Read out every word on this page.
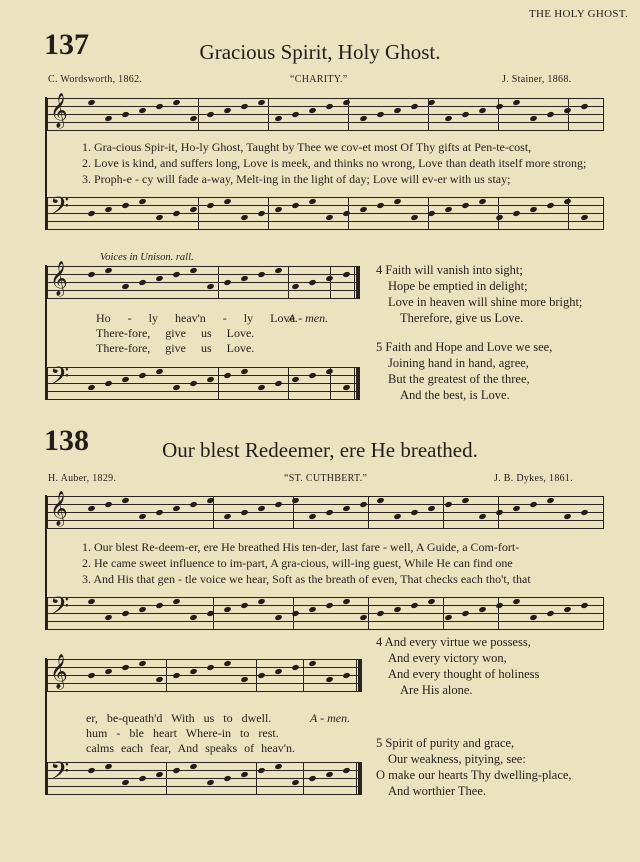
THE HOLY GHOST.
137	Gracious Spirit, Holy Ghost.
C. Wordsworth, 1862.	“CHARITY.”	J. Stainer, 1868.
𝄞
1. Gra-cious Spir-it, Ho-ly Ghost, Taught by Thee we cov-et most Of Thy gifts at Pen-te-cost,
2. Love is kind, and suffers long, Love is meek, and thinks no wrong, Love than death itself more strong;
3. Proph-e - cy will fade a-way, Melt-ing in the light of day; Love will ev-er with us stay;
𝄢
Voices in Unison. rall.
𝄞
Ho - ly heav'n - ly Love.
A - men.
There-fore, give us Love.
There-fore, give us Love.
𝄢
4 Faith will vanish into sight;
Hope be emptied in delight;
Love in heaven will shine more bright;
Therefore, give us Love.
5 Faith and Hope and Love we see,
Joining hand in hand, agree,
But the greatest of the three,
And the best, is Love.
138	Our blest Redeemer, ere He breathed.
H. Auber, 1829.	“ST. CUTHBERT.”	J. B. Dykes, 1861.
𝄞
1. Our blest Re-deem-er, ere He breathed His ten-der, last fare - well, A Guide, a Com-fort-
2. He came sweet influence to im-part, A gra-cious, will-ing guest, While He can find one
3. And His that gen - tle voice we hear, Soft as the breath of even, That checks each tho't, that
𝄢
𝄞
er, be-queath'd With us to dwell.	A - men.
hum - ble heart Where-in to rest.
calms each fear, And speaks of heav'n.
𝄢
4 And every virtue we possess,
And every victory won,
And every thought of holiness
Are His alone.
5 Spirit of purity and grace,
Our weakness, pitying, see:
O make our hearts Thy dwelling-place,
And worthier Thee.
